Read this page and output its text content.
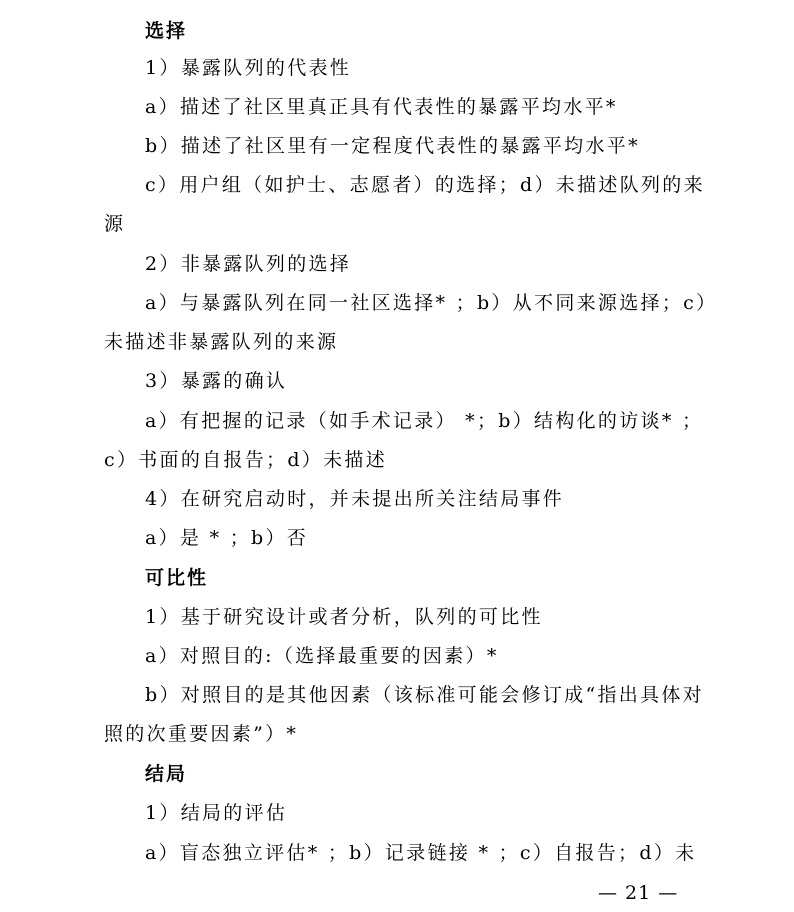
选择
1）暴露队列的代表性
a）描述了社区里真正具有代表性的暴露平均水平*
b）描述了社区里有一定程度代表性的暴露平均水平*
c）用户组（如护士、志愿者）的选择；d）未描述队列的来
源
2）非暴露队列的选择
a）与暴露队列在同一社区选择* ；b）从不同来源选择；c）
未描述非暴露队列的来源
3）暴露的确认
a）有把握的记录（如手术记录） *；b）结构化的访谈* ；
c）书面的自报告；d）未描述
4）在研究启动时，并未提出所关注结局事件
a）是 * ；b）否
可比性
1）基于研究设计或者分析，队列的可比性
a）对照目的:（选择最重要的因素）*
b）对照目的是其他因素（该标准可能会修订成“指出具体对
照的次重要因素”）*
结局
1）结局的评估
a）盲态独立评估* ；b）记录链接 * ；c）自报告；d）未
— 21 —
